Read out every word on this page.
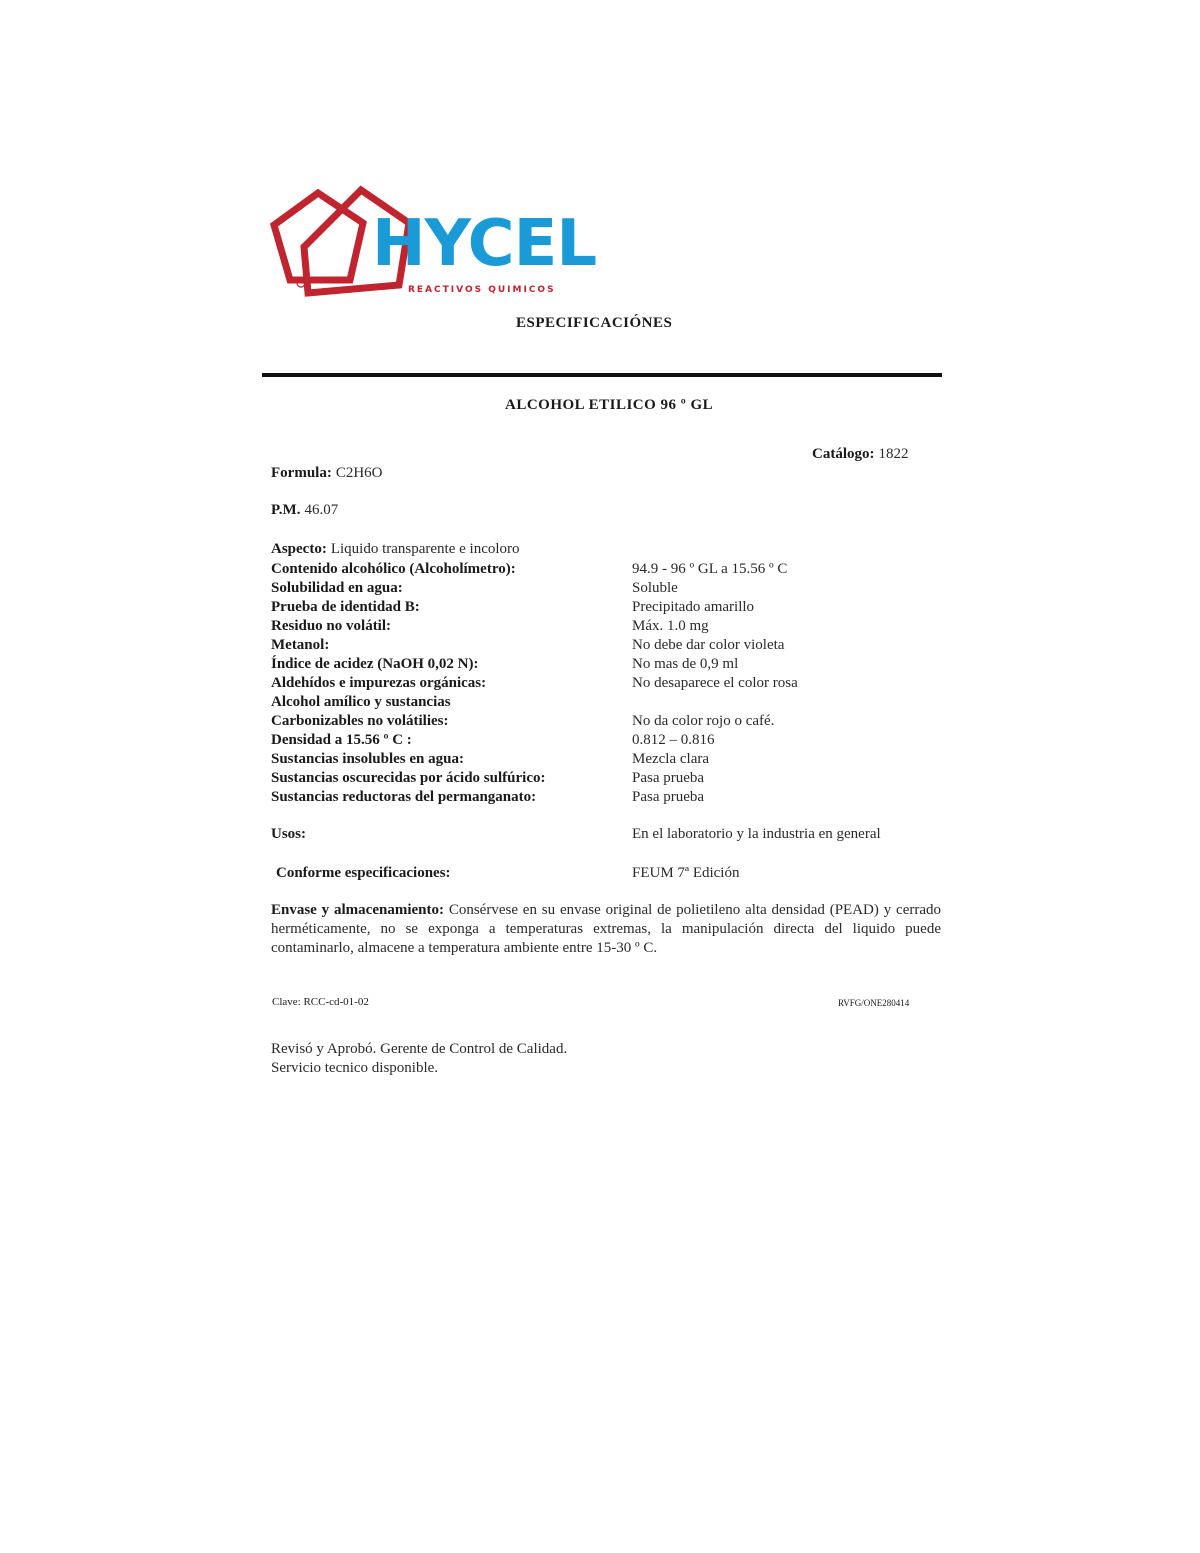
HYCEL
REACTIVOS QUIMICOS
ESPECIFICACIÓNES
ALCOHOL ETILICO 96 º GL
Catálogo: 1822
Formula: C2H6O
P.M. 46.07
Aspecto: Liquido transparente e incoloro
Contenido alcohólico (Alcoholímetro):	94.9 - 96 º GL a 15.56 º C
Solubilidad en agua:	Soluble
Prueba de identidad B:	Precipitado amarillo
Residuo no volátil:	Máx. 1.0 mg
Metanol:	No debe dar color violeta
Índice de acidez (NaOH 0,02 N):	No mas de 0,9 ml
Aldehídos e impurezas orgánicas:	No desaparece el color rosa
Alcohol amílico y sustancias
Carbonizables no volátilies:	No da color rojo o café.
Densidad a 15.56 º C :	0.812 – 0.816
Sustancias insolubles en agua:	Mezcla clara
Sustancias oscurecidas por ácido sulfúrico:	Pasa prueba
Sustancias reductoras del permanganato:	Pasa prueba
Usos:	En el laboratorio y la industria en general
Conforme especificaciones:	FEUM 7ª Edición
Envase y almacenamiento: Consérvese en su envase original de polietileno alta densidad (PEAD) y cerrado herméticamente, no se exponga a temperaturas extremas, la manipulación directa del liquido puede contaminarlo, almacene a temperatura ambiente entre 15-30 º C.
Clave: RCC-cd-01-02	RVFG/ONE280414
Revisó y Aprobó. Gerente de Control de Calidad.
Servicio tecnico disponible.
